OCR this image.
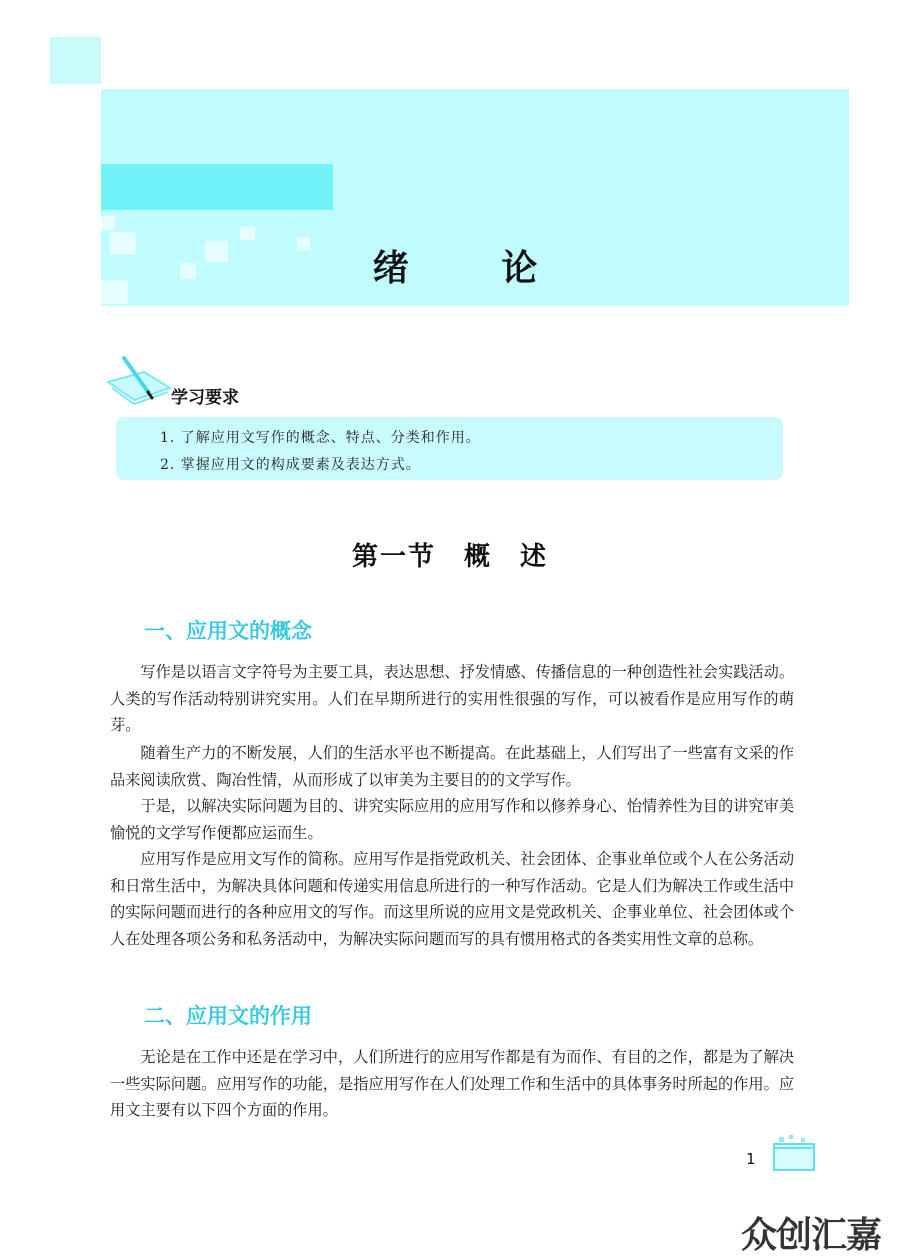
绪 论
学习要求
1. 了解应用文写作的概念、特点、分类和作用。
2. 掌握应用文的构成要素及表达方式。
第一节　概　述
一、应用文的概念

写作是以语言文字符号为主要工具，表达思想、抒发情感、传播信息的一种创造性社会实践活动。人类的写作活动特别讲究实用。人们在早期所进行的实用性很强的写作，可以被看作是应用写作的萌芽。

随着生产力的不断发展，人们的生活水平也不断提高。在此基础上，人们写出了一些富有文采的作品来阅读欣赏、陶冶性情，从而形成了以审美为主要目的的文学写作。

于是，以解决实际问题为目的、讲究实际应用的应用写作和以修养身心、怡情养性为目的讲究审美愉悦的文学写作便都应运而生。

应用写作是应用文写作的简称。应用写作是指党政机关、社会团体、企事业单位或个人在公务活动和日常生活中，为解决具体问题和传递实用信息所进行的一种写作活动。它是人们为解决工作或生活中的实际问题而进行的各种应用文的写作。而这里所说的应用文是党政机关、企事业单位、社会团体或个人在处理各项公务和私务活动中，为解决实际问题而写的具有惯用格式的各类实用性文章的总称。

二、应用文的作用

无论是在工作中还是在学习中，人们所进行的应用写作都是有为而作、有目的之作，都是为了解决一些实际问题。应用写作的功能，是指应用写作在人们处理工作和生活中的具体事务时所起的作用。应用文主要有以下四个方面的作用。

1
众创汇嘉
